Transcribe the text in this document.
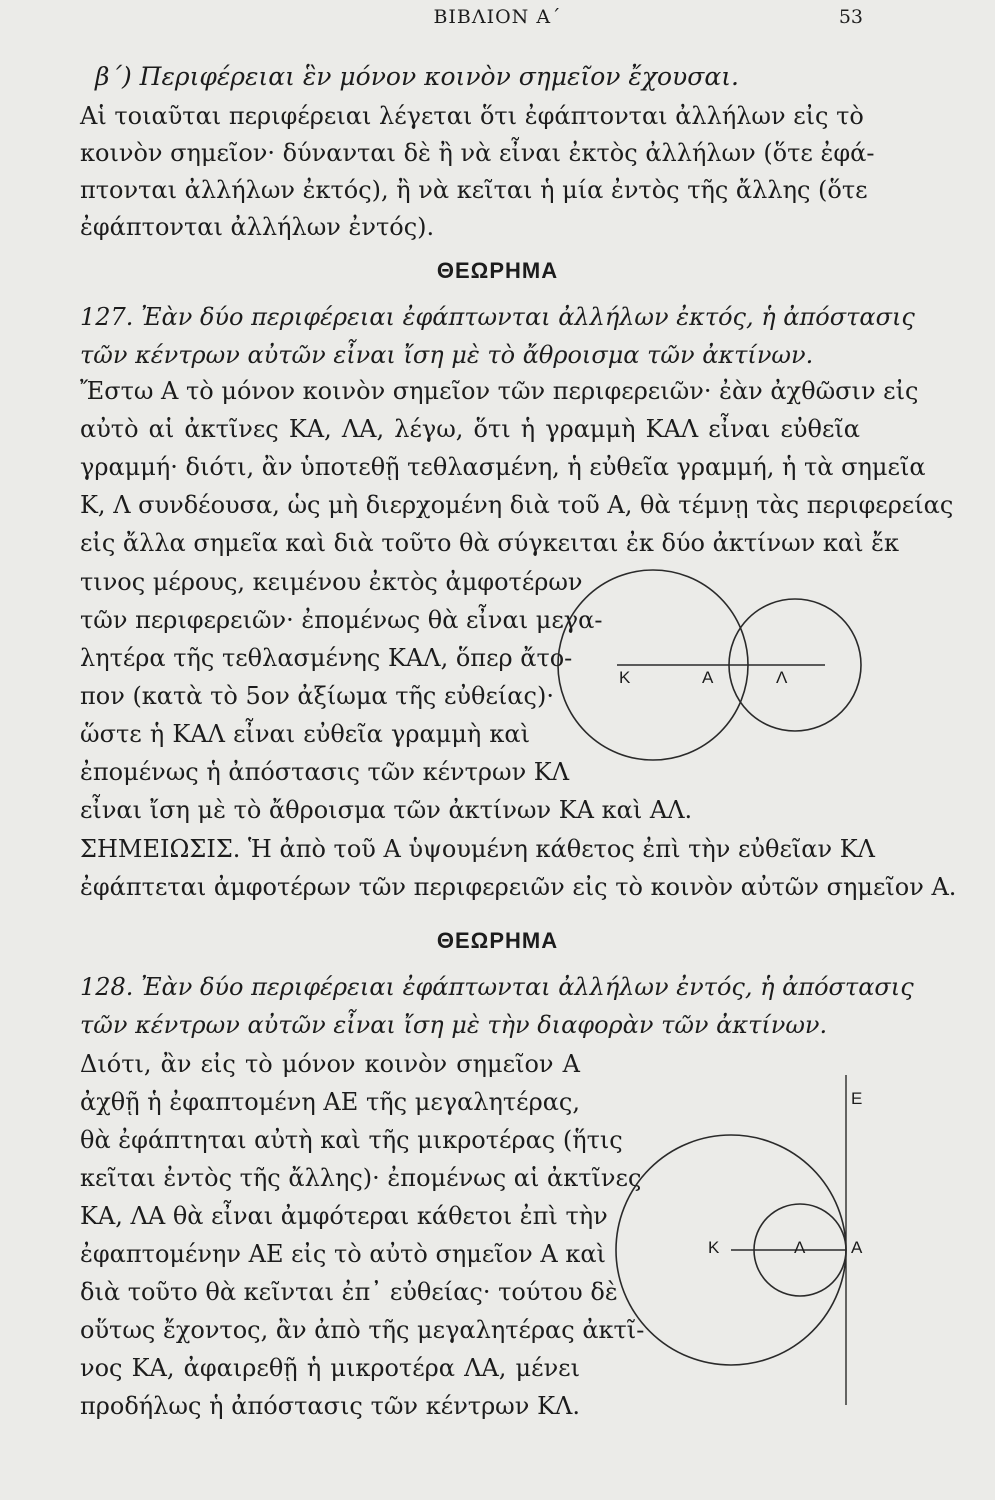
ΒΙΒΛΙΟΝ Α΄	53
β΄) Περιφέρειαι ἓν μόνον κοινὸν σημεῖον ἔχουσαι.
Αἱ τοιαῦται περιφέρειαι λέγεται ὅτι ἐφάπτονται ἀλλήλων εἰς τὸ
κοινὸν σημεῖον· δύνανται δὲ ἢ νὰ εἶναι ἐκτὸς ἀλλήλων (ὅτε ἐφά-
πτονται ἀλλήλων ἐκτός), ἢ νὰ κεῖται ἡ μία ἐντὸς τῆς ἄλλης (ὅτε
ἐφάπτονται ἀλλήλων ἐντός).
ΘΕΩΡΗΜΑ
127. Ἐὰν δύο περιφέρειαι ἐφάπτωνται ἀλλήλων ἐκτός, ἡ ἀπόστασις
τῶν κέντρων αὐτῶν εἶναι ἴση μὲ τὸ ἄθροισμα τῶν ἀκτίνων.
Ἔστω Α τὸ μόνον κοινὸν σημεῖον τῶν περιφερειῶν· ἐὰν ἀχθῶσιν εἰς
αὐτὸ αἱ ἀκτῖνες ΚΑ, ΛΑ, λέγω, ὅτι ἡ γραμμὴ ΚΑΛ εἶναι εὐθεῖα
γραμμή· διότι, ἂν ὑποτεθῇ τεθλασμένη, ἡ εὐθεῖα γραμμή, ἡ τὰ σημεῖα
Κ, Λ συνδέουσα, ὡς μὴ διερχομένη διὰ τοῦ Α, θὰ τέμνῃ τὰς περιφερείας
εἰς ἄλλα σημεῖα καὶ διὰ τοῦτο θὰ σύγκειται ἐκ δύο ἀκτίνων καὶ ἔκ
τινος μέρους, κειμένου ἐκτὸς ἀμφοτέρων
τῶν περιφερειῶν· ἐπομένως θὰ εἶναι μεγα-
λητέρα τῆς τεθλασμένης ΚΑΛ, ὅπερ ἄτο-
πον (κατὰ τὸ 5ον ἀξίωμα τῆς εὐθείας)·
ὥστε ἡ ΚΑΛ εἶναι εὐθεῖα γραμμὴ καὶ
ἐπομένως ἡ ἀπόστασις τῶν κέντρων ΚΛ
εἶναι ἴση μὲ τὸ ἄθροισμα τῶν ἀκτίνων ΚΑ καὶ ΑΛ.
ΣΗΜΕΙΩΣΙΣ. Ἡ ἀπὸ τοῦ Α ὑψουμένη κάθετος ἐπὶ τὴν εὐθεῖαν ΚΛ
ἐφάπτεται ἀμφοτέρων τῶν περιφερειῶν εἰς τὸ κοινὸν αὐτῶν σημεῖον Α.
Κ	Α	Λ
ΘΕΩΡΗΜΑ
128. Ἐὰν δύο περιφέρειαι ἐφάπτωνται ἀλλήλων ἐντός, ἡ ἀπόστασις
τῶν κέντρων αὐτῶν εἶναι ἴση μὲ τὴν διαφορὰν τῶν ἀκτίνων.
Διότι, ἂν εἰς τὸ μόνον κοινὸν σημεῖον Α
ἀχθῇ ἡ ἐφαπτομένη ΑΕ τῆς μεγαλητέρας,
θὰ ἐφάπτηται αὐτὴ καὶ τῆς μικροτέρας (ἥτις
κεῖται ἐντὸς τῆς ἄλλης)· ἐπομένως αἱ ἀκτῖνες
ΚΑ, ΛΑ θὰ εἶναι ἀμφότεραι κάθετοι ἐπὶ τὴν
ἐφαπτομένην ΑΕ εἰς τὸ αὐτὸ σημεῖον Α καὶ
διὰ τοῦτο θὰ κεῖνται ἐπ᾽ εὐθείας· τούτου δὲ
οὕτως ἔχοντος, ἂν ἀπὸ τῆς μεγαλητέρας ἀκτῖ-
νος ΚΑ, ἀφαιρεθῇ ἡ μικροτέρα ΛΑ, μένει
προδήλως ἡ ἀπόστασις τῶν κέντρων ΚΛ.
Κ	Λ	Α
Ε
